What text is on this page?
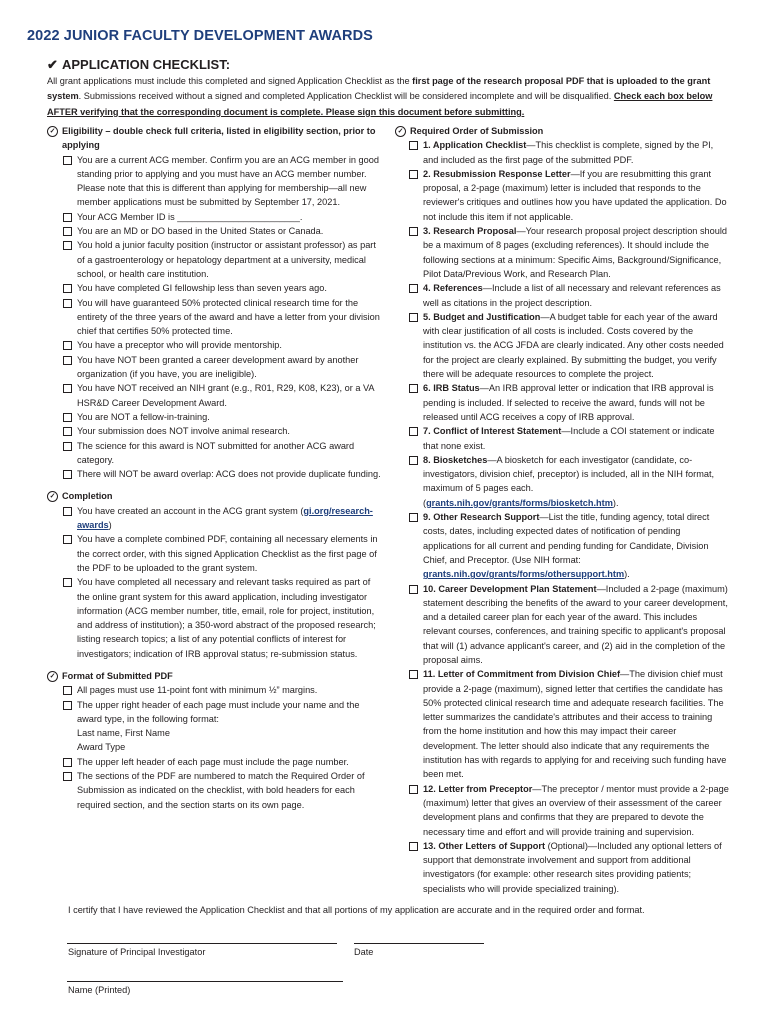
2022 JUNIOR FACULTY DEVELOPMENT AWARDS
✔ APPLICATION CHECKLIST:
All grant applications must include this completed and signed Application Checklist as the first page of the research proposal PDF that is uploaded to the grant system. Submissions received without a signed and completed Application Checklist will be considered incomplete and will be disqualified. Check each box below AFTER verifying that the corresponding document is complete. Please sign this document before submitting.
✓ Eligibility – double check full criteria, listed in eligibility section, prior to applying
You are a current ACG member. Confirm you are an ACG member in good standing prior to applying and you must have an ACG member number. Please note that this is different than applying for membership—all new member applications must be submitted by September 17, 2021.
Your ACG Member ID is ________________________.
You are an MD or DO based in the United States or Canada.
You hold a junior faculty position (instructor or assistant professor) as part of a gastroenterology or hepatology department at a university, medical school, or health care institution.
You have completed GI fellowship less than seven years ago.
You will have guaranteed 50% protected clinical research time for the entirety of the three years of the award and have a letter from your division chief that certifies 50% protected time.
You have a preceptor who will provide mentorship.
You have NOT been granted a career development award by another organization (if you have, you are ineligible).
You have NOT received an NIH grant (e.g., R01, R29, K08, K23), or a VA HSR&D Career Development Award.
You are NOT a fellow-in-training.
Your submission does NOT involve animal research.
The science for this award is NOT submitted for another ACG award category.
There will NOT be award overlap: ACG does not provide duplicate funding.
✓ Completion
You have created an account in the ACG grant system (gi.org/research-awards)
You have a complete combined PDF, containing all necessary elements in the correct order, with this signed Application Checklist as the first page of the PDF to be uploaded to the grant system.
You have completed all necessary and relevant tasks required as part of the online grant system for this award application, including investigator information (ACG member number, title, email, role for project, institution, and address of institution); a 350-word abstract of the proposed research; listing research topics; a list of any potential conflicts of interest for investigators; indication of IRB approval status; re-submission status.
✓ Format of Submitted PDF
All pages must use 11-point font with minimum ½” margins.
The upper right header of each page must include your name and the award type, in the following format:
Last name, First Name
Award Type
The upper left header of each page must include the page number.
The sections of the PDF are numbered to match the Required Order of Submission as indicated on the checklist, with bold headers for each required section, and the section starts on its own page.
✓ Required Order of Submission
1. Application Checklist—This checklist is complete, signed by the PI, and included as the first page of the submitted PDF.
2. Resubmission Response Letter—If you are resubmitting this grant proposal, a 2-page (maximum) letter is included that responds to the reviewer's critiques and outlines how you have updated the application. Do not include this item if not applicable.
3. Research Proposal—Your research proposal project description should be a maximum of 8 pages (excluding references). It should include the following sections at a minimum: Specific Aims, Background/Significance, Pilot Data/Previous Work, and Research Plan.
4. References—Include a list of all necessary and relevant references as well as citations in the project description.
5. Budget and Justification—A budget table for each year of the award with clear justification of all costs is included. Costs covered by the institution vs. the ACG JFDA are clearly indicated. Any other costs needed for the project are clearly explained. By submitting the budget, you verify there will be adequate resources to complete the project.
6. IRB Status—An IRB approval letter or indication that IRB approval is pending is included. If selected to receive the award, funds will not be released until ACG receives a copy of IRB approval.
7. Conflict of Interest Statement—Include a COI statement or indicate that none exist.
8. Biosketches—A biosketch for each investigator (candidate, co-investigators, division chief, preceptor) is included, all in the NIH format, maximum of 5 pages each. (grants.nih.gov/grants/forms/biosketch.htm).
9. Other Research Support—List the title, funding agency, total direct costs, dates, including expected dates of notification of pending applications for all current and pending funding for Candidate, Division Chief, and Preceptor. (Use NIH format: grants.nih.gov/grants/forms/othersupport.htm).
10. Career Development Plan Statement—Included a 2-page (maximum) statement describing the benefits of the award to your career development, and a detailed career plan for each year of the award. This includes relevant courses, conferences, and training specific to applicant's proposal that will (1) advance applicant's career, and (2) aid in the completion of the proposal aims.
11. Letter of Commitment from Division Chief—The division chief must provide a 2-page (maximum), signed letter that certifies the candidate has 50% protected clinical research time and adequate research facilities. The letter summarizes the candidate's attributes and their access to training from the home institution and how this may impact their career development. The letter should also indicate that any requirements the institution has with regards to applying for and receiving such funding have been met.
12. Letter from Preceptor—The preceptor / mentor must provide a 2-page (maximum) letter that gives an overview of their assessment of the career development plans and confirms that they are prepared to devote the necessary time and effort and will provide training and supervision.
13. Other Letters of Support (Optional)—Included any optional letters of support that demonstrate involvement and support from additional investigators (for example: other research sites providing patients; specialists who will provide specialized training).
I certify that I have reviewed the Application Checklist and that all portions of my application are accurate and in the required order and format.
Signature of Principal Investigator	Date
Name (Printed)
